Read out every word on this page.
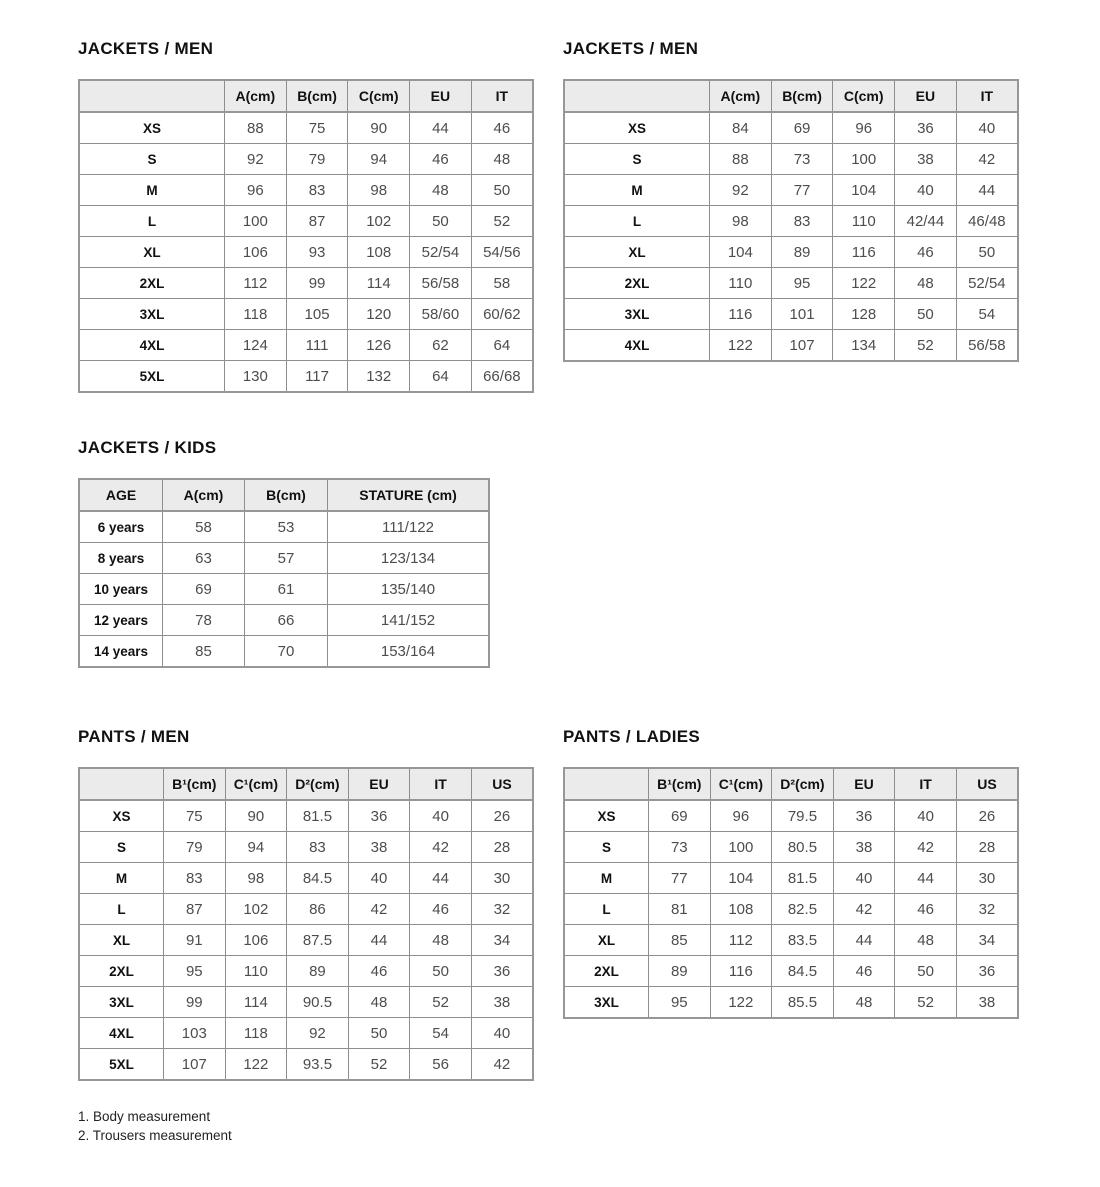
JACKETS / MEN
	A(cm)	B(cm)	C(cm)	EU	IT
XS	88	75	90	44	46
S	92	79	94	46	48
M	96	83	98	48	50
L	100	87	102	50	52
XL	106	93	108	52/54	54/56
2XL	112	99	114	56/58	58
3XL	118	105	120	58/60	60/62
4XL	124	111	126	62	64
5XL	130	117	132	64	66/68
JACKETS / MEN
	A(cm)	B(cm)	C(cm)	EU	IT
XS	84	69	96	36	40
S	88	73	100	38	42
M	92	77	104	40	44
L	98	83	110	42/44	46/48
XL	104	89	116	46	50
2XL	110	95	122	48	52/54
3XL	116	101	128	50	54
4XL	122	107	134	52	56/58
JACKETS / KIDS
AGE	A(cm)	B(cm)	STATURE (cm)
6 years	58	53	111/122
8 years	63	57	123/134
10 years	69	61	135/140
12 years	78	66	141/152
14 years	85	70	153/164
PANTS / MEN
	B¹(cm)	C¹(cm)	D²(cm)	EU	IT	US
XS	75	90	81.5	36	40	26
S	79	94	83	38	42	28
M	83	98	84.5	40	44	30
L	87	102	86	42	46	32
XL	91	106	87.5	44	48	34
2XL	95	110	89	46	50	36
3XL	99	114	90.5	48	52	38
4XL	103	118	92	50	54	40
5XL	107	122	93.5	52	56	42
PANTS / LADIES
	B¹(cm)	C¹(cm)	D²(cm)	EU	IT	US
XS	69	96	79.5	36	40	26
S	73	100	80.5	38	42	28
M	77	104	81.5	40	44	30
L	81	108	82.5	42	46	32
XL	85	112	83.5	44	48	34
2XL	89	116	84.5	46	50	36
3XL	95	122	85.5	48	52	38
1. Body measurement
2. Trousers measurement
